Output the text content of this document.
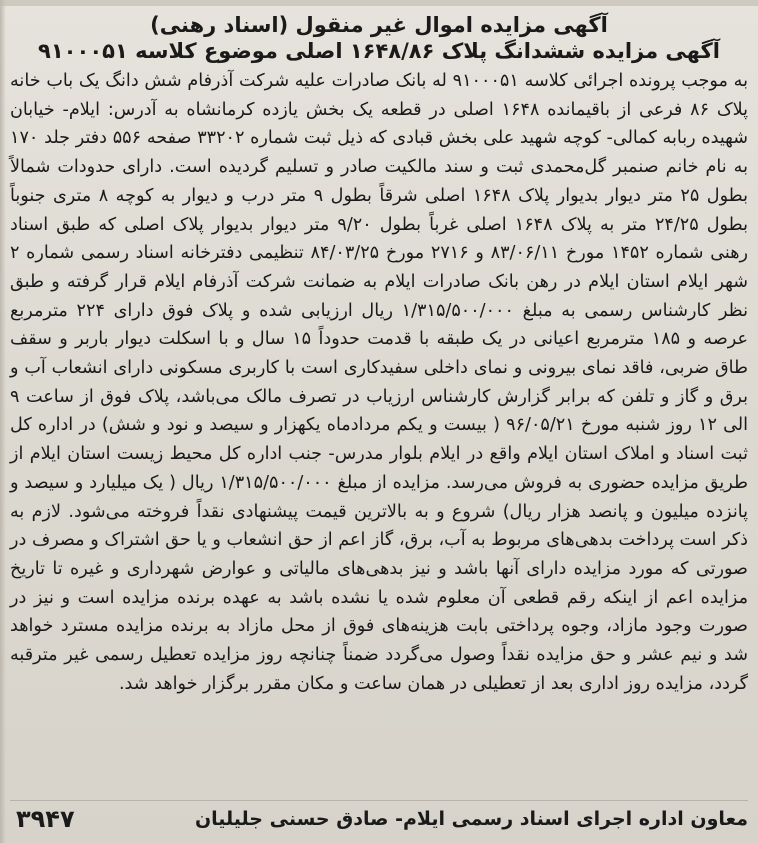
آگهی مزایده اموال غیر منقول (اسناد رهنی)
آگهی مزایده ششدانگ پلاک ۱۶۴۸/۸۶ اصلی موضوع کلاسه ۹۱۰۰۰۵۱

به موجب پرونده اجرائی کلاسه ۹۱۰۰۰۵۱ له بانک صادرات علیه شرکت آذرفام شش دانگ یک باب خانه پلاک ۸۶ فرعی از باقیمانده ۱۶۴۸ اصلی در قطعه یک بخش یازده کرمانشاه به آدرس: ایلام- خیابان شهیده ربابه کمالی- کوچه شهید علی بخش قبادی که ذیل ثبت شماره ۳۳۲۰۲ صفحه ۵۵۶ دفتر جلد ۱۷۰ به نام خانم صنمبر گل‌محمدی ثبت و سند مالکیت صادر و تسلیم گردیده است. دارای حدودات شمالاً بطول ۲۵ متر دیوار بدیوار پلاک ۱۶۴۸ اصلی شرقاً بطول ۹ متر درب و دیوار به کوچه ۸ متری جنوباً بطول ۲۴/۲۵ متر به پلاک ۱۶۴۸ اصلی غرباً بطول ۹/۲۰ متر دیوار بدیوار پلاک اصلی که طبق اسناد رهنی شماره ۱۴۵۲ مورخ ۸۳/۰۶/۱۱ و ۲۷۱۶ مورخ ۸۴/۰۳/۲۵ تنظیمی دفترخانه اسناد رسمی شماره ۲ شهر ایلام استان ایلام در رهن بانک صادرات ایلام به ضمانت شرکت آذرفام ایلام قرار گرفته و طبق نظر کارشناس رسمی به مبلغ ۱/۳۱۵/۵۰۰/۰۰۰ ریال ارزیابی شده و پلاک فوق دارای ۲۲۴ مترمربع عرصه و ۱۸۵ مترمربع اعیانی در یک طبقه با قدمت حدوداً ۱۵ سال و با اسکلت دیوار باربر و سقف طاق ضربی، فاقد نمای بیرونی و نمای داخلی سفیدکاری است با کاربری مسکونی دارای انشعاب آب و برق و گاز و تلفن که برابر گزارش کارشناس ارزیاب در تصرف مالک می‌باشد، پلاک فوق از ساعت ۹ الی ۱۲ روز شنبه مورخ ۹۶/۰۵/۲۱ ( بیست و یکم مردادماه یکهزار و سیصد و نود و شش) در اداره کل ثبت اسناد و املاک استان ایلام واقع در ایلام بلوار مدرس- جنب اداره کل محیط زیست استان ایلام از طریق مزایده حضوری به فروش می‌رسد. مزایده از مبلغ ۱/۳۱۵/۵۰۰/۰۰۰ ریال ( یک میلیارد و سیصد و پانزده میلیون و پانصد هزار ریال) شروع و به بالاترین قیمت پیشنهادی نقداً فروخته می‌شود. لازم به ذکر است پرداخت بدهی‌های مربوط به آب، برق، گاز اعم از حق انشعاب و یا حق اشتراک و مصرف در صورتی که مورد مزایده دارای آنها باشد و نیز بدهی‌های مالیاتی و عوارض شهرداری و غیره تا تاریخ مزایده اعم از اینکه رقم قطعی آن معلوم شده یا نشده باشد به عهده برنده مزایده است و نیز در صورت وجود مازاد، وجوه پرداختی بابت هزینه‌های فوق از محل مازاد به برنده مزایده مسترد خواهد شد و نیم عشر و حق مزایده نقداً وصول می‌گردد ضمناً چنانچه روز مزایده تعطیل رسمی غیر مترقبه گردد، مزایده روز اداری بعد از تعطیلی در همان ساعت و مکان مقرر برگزار خواهد شد.

معاون اداره اجرای اسناد رسمی ایلام- صادق حسنی جلیلیان
۳۹۴۷
